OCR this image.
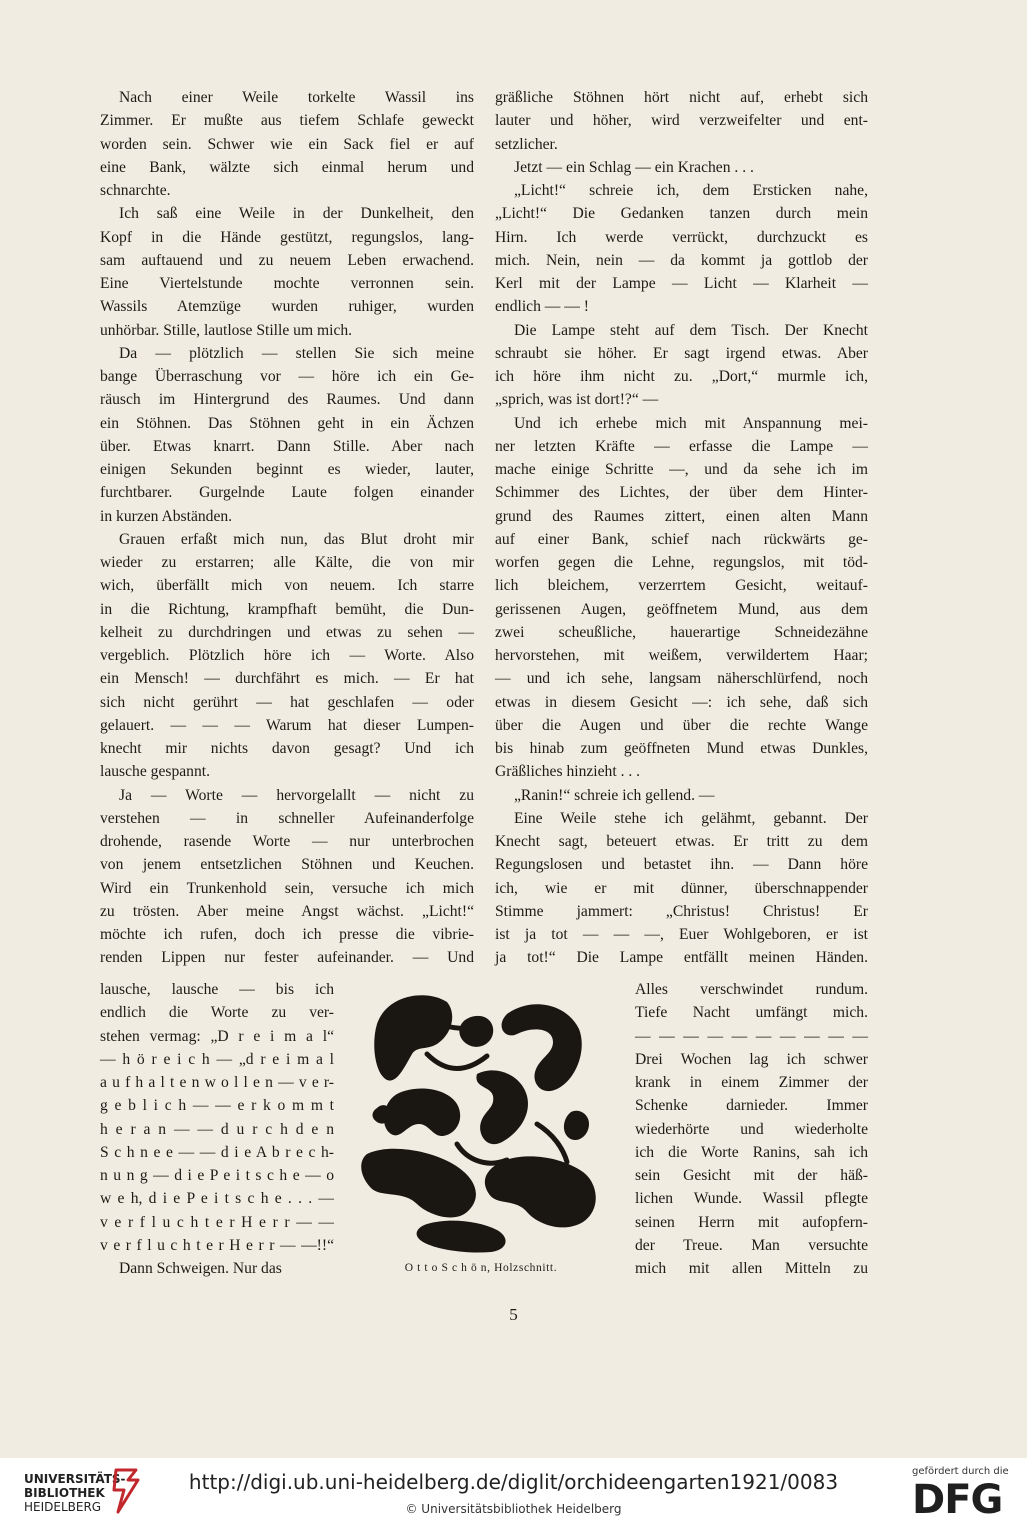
Nach einer Weile torkelte Wassil ins
Zimmer. Er mußte aus tiefem Schlafe geweckt
worden sein. Schwer wie ein Sack fiel er auf
eine Bank, wälzte sich einmal herum und
schnarchte.
Ich saß eine Weile in der Dunkelheit, den
Kopf in die Hände gestützt, regungslos, lang-
sam auftauend und zu neuem Leben erwachend.
Eine Viertelstunde mochte verronnen sein.
Wassils Atemzüge wurden ruhiger, wurden
unhörbar. Stille, lautlose Stille um mich.
Da — plötzlich — stellen Sie sich meine
bange Überraschung vor — höre ich ein Ge-
räusch im Hintergrund des Raumes. Und dann
ein Stöhnen. Das Stöhnen geht in ein Ächzen
über. Etwas knarrt. Dann Stille. Aber nach
einigen Sekunden beginnt es wieder, lauter,
furchtbarer. Gurgelnde Laute folgen einander
in kurzen Abständen.
Grauen erfaßt mich nun, das Blut droht mir
wieder zu erstarren; alle Kälte, die von mir
wich, überfällt mich von neuem. Ich starre
in die Richtung, krampfhaft bemüht, die Dun-
kelheit zu durchdringen und etwas zu sehen —
vergeblich. Plötzlich höre ich — Worte. Also
ein Mensch! — durchfährt es mich. — Er hat
sich nicht gerührt — hat geschlafen — oder
gelauert. — — — Warum hat dieser Lumpen-
knecht mir nichts davon gesagt? Und ich
lausche gespannt.
Ja — Worte — hervorgelallt — nicht zu
verstehen — in schneller Aufeinanderfolge
drohende, rasende Worte — nur unterbrochen
von jenem entsetzlichen Stöhnen und Keuchen.
Wird ein Trunkenhold sein, versuche ich mich
zu trösten. Aber meine Angst wächst. „Licht!“
möchte ich rufen, doch ich presse die vibrie-
renden Lippen nur fester aufeinander. — Und
gräßliche Stöhnen hört nicht auf, erhebt sich
lauter und höher, wird verzweifelter und ent-
setzlicher.
Jetzt — ein Schlag — ein Krachen . . .
„Licht!“ schreie ich, dem Ersticken nahe,
„Licht!“ Die Gedanken tanzen durch mein
Hirn. Ich werde verrückt, durchzuckt es
mich. Nein, nein — da kommt ja gottlob der
Kerl mit der Lampe — Licht — Klarheit —
endlich — — !
Die Lampe steht auf dem Tisch. Der Knecht
schraubt sie höher. Er sagt irgend etwas. Aber
ich höre ihm nicht zu. „Dort,“ murmle ich,
„sprich, was ist dort!?“ —
Und ich erhebe mich mit Anspannung mei-
ner letzten Kräfte — erfasse die Lampe —
mache einige Schritte —, und da sehe ich im
Schimmer des Lichtes, der über dem Hinter-
grund des Raumes zittert, einen alten Mann
auf einer Bank, schief nach rückwärts ge-
worfen gegen die Lehne, regungslos, mit töd-
lich bleichem, verzerrtem Gesicht, weitauf-
gerissenen Augen, geöffnetem Mund, aus dem
zwei scheußliche, hauerartige Schneidezähne
hervorstehen, mit weißem, verwildertem Haar;
— und ich sehe, langsam näherschlürfend, noch
etwas in diesem Gesicht —: ich sehe, daß sich
über die Augen und über die rechte Wange
bis hinab zum geöffneten Mund etwas Dunkles,
Gräßliches hinzieht . . .
„Ranin!“ schreie ich gellend. —
Eine Weile stehe ich gelähmt, gebannt. Der
Knecht sagt, beteuert etwas. Er tritt zu dem
Regungslosen und betastet ihn. — Dann höre
ich, wie er mit dünner, überschnappender
Stimme jammert: „Christus! Christus! Er
ist ja tot — — —, Euer Wohlgeboren, er ist
ja tot!“ Die Lampe entfällt meinen Händen.
lausche, lausche — bis ich
endlich die Worte zu ver-
stehen vermag: „D r e i m a l“
— h ö r e i c h — „d r e i m a l
a u f h a l t e n w o l l e n — v e r-
g e b l i c h — — e r k o m m t
h e r a n — — d u r c h d e n
S c h n e e — — d i e A b r e c h-
n u n g — d i e P e i t s c h e — o
w e h, d i e P e i t s c h e . . . —
v e r f l u c h t e r H e r r — —
v e r f l u c h t e r H e r r — —!!“
Dann Schweigen. Nur das
Alles verschwindet rundum.
Tiefe Nacht umfängt mich.
— — — — — — — — — —
Drei Wochen lag ich schwer
krank in einem Zimmer der
Schenke darnieder. Immer
wiederhörte und wiederholte
ich die Worte Ranins, sah ich
sein Gesicht mit der häß-
lichen Wunde. Wassil pflegte
seinen Herrn mit aufopfern-
der Treue. Man versuchte
mich mit allen Mitteln zu
O t t o S c h ö n, Holzschnitt.
5
UNIVERSITÄTS-
BIBLIOTHEK
HEIDELBERG
http://digi.ub.uni-heidelberg.de/diglit/orchideengarten1921/0083
© Universitätsbibliothek Heidelberg
gefördert durch die
DFG
